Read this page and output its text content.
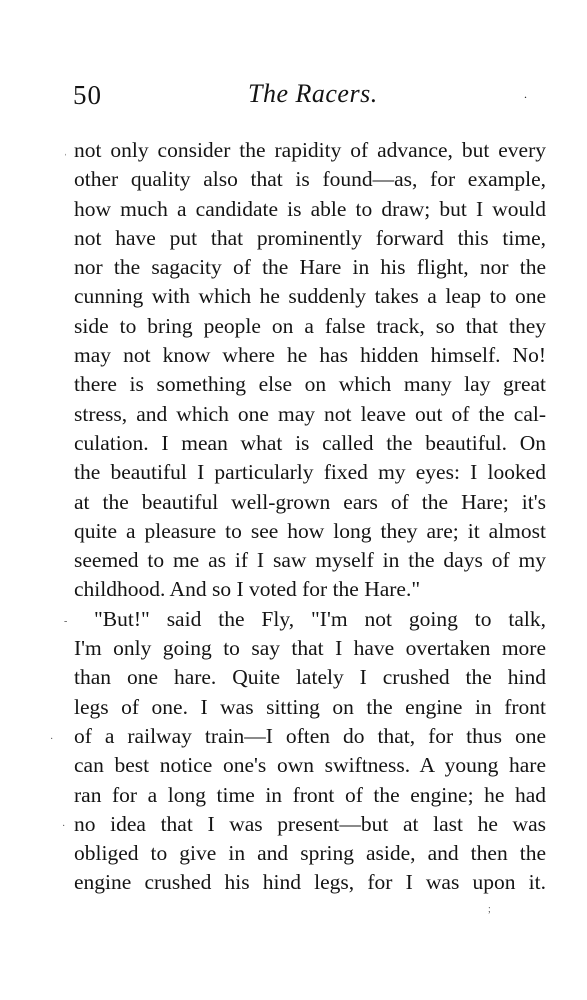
50	The Racers.	.
not only consider the rapidity of advance, but every
other quality also that is found—as, for example,
how much a candidate is able to draw; but I would
not have put that prominently forward this time,
nor the sagacity of the Hare in his flight, nor the
cunning with which he suddenly takes a leap to one
side to bring people on a false track, so that they
may not know where he has hidden himself. No!
there is something else on which many lay great
stress, and which one may not leave out of the cal-
culation. I mean what is called the beautiful. On
the beautiful I particularly fixed my eyes: I looked
at the beautiful well-grown ears of the Hare; it's
quite a pleasure to see how long they are; it almost
seemed to me as if I saw myself in the days of my
childhood. And so I voted for the Hare."
"But!" said the Fly, "I'm not going to talk,
I'm only going to say that I have overtaken more
than one hare. Quite lately I crushed the hind
legs of one. I was sitting on the engine in front
of a railway train—I often do that, for thus one
can best notice one's own swiftness. A young hare
ran for a long time in front of the engine; he had
no idea that I was present—but at last he was
obliged to give in and spring aside, and then the
engine crushed his hind legs, for I was upon it.
ˌ
-
·
·
;
